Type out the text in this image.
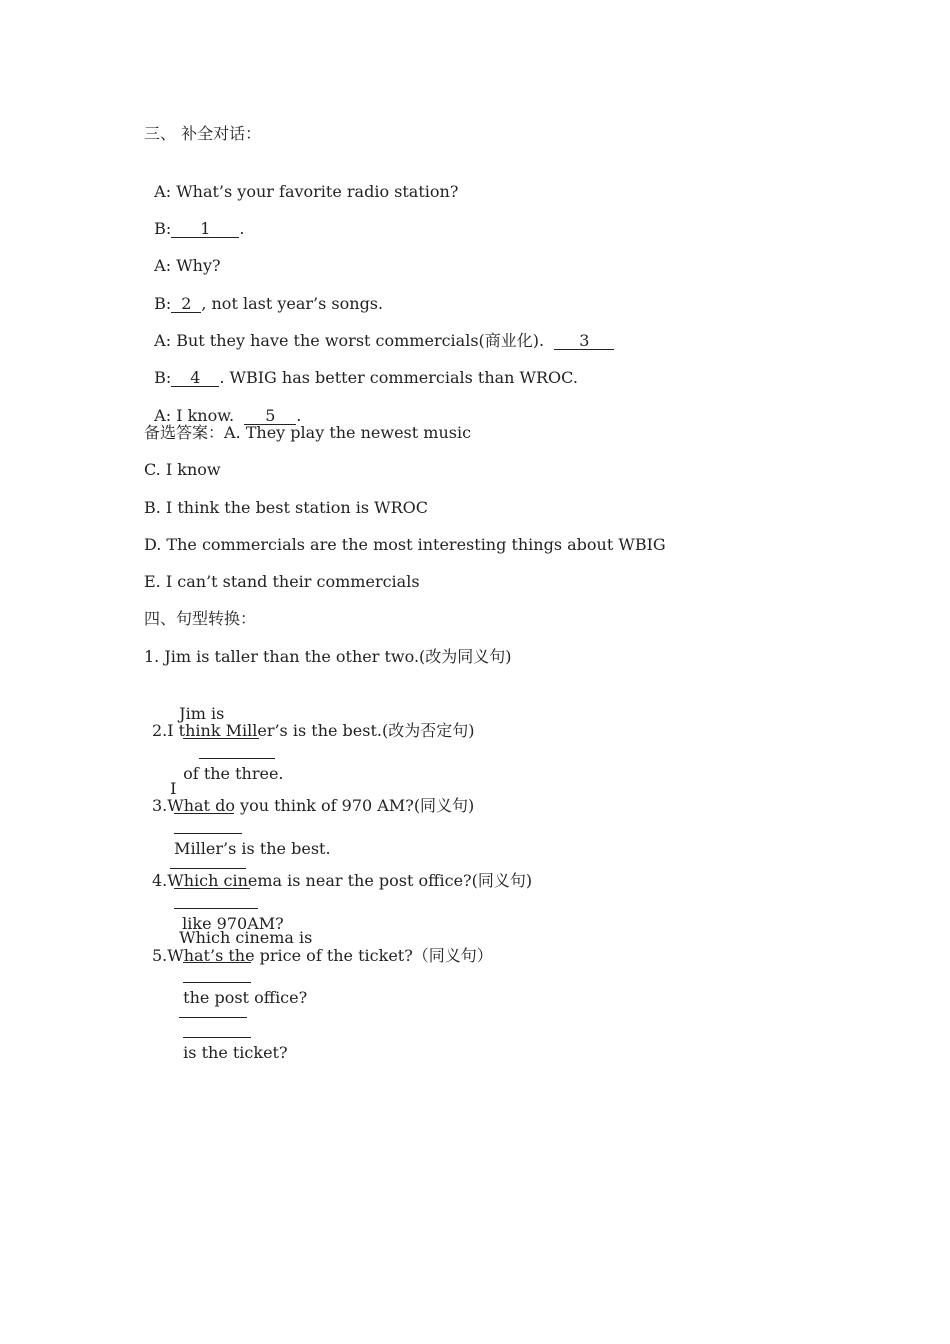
三、 补全对话：

A: What’s your favorite radio station?

B: 1 .

A: Why?

B: 2 , not last year’s songs.

A: But they have the worst commercials(商业化).  3

B: 4 . WBIG has better commercials than WROC.

A: I know.  5 .

备选答案：A. They play the newest music
C. I know
B. I think the best station is WROC
D. The commercials are the most interesting things about WBIG
E. I can’t stand their commercials
四、句型转换：
1. Jim is taller than the other two.(改为同义句)

Jim is

of the three.

2.I think Miller’s is the best.(改为否定句)

I

Miller’s is the best.

3.What do you think of 970 AM?(同义句)

like 970AM?

4.Which cinema is near the post office?(同义句)

Which cinema is

the post office?

5.What’s the price of the ticket?（同义句）

is the ticket?
